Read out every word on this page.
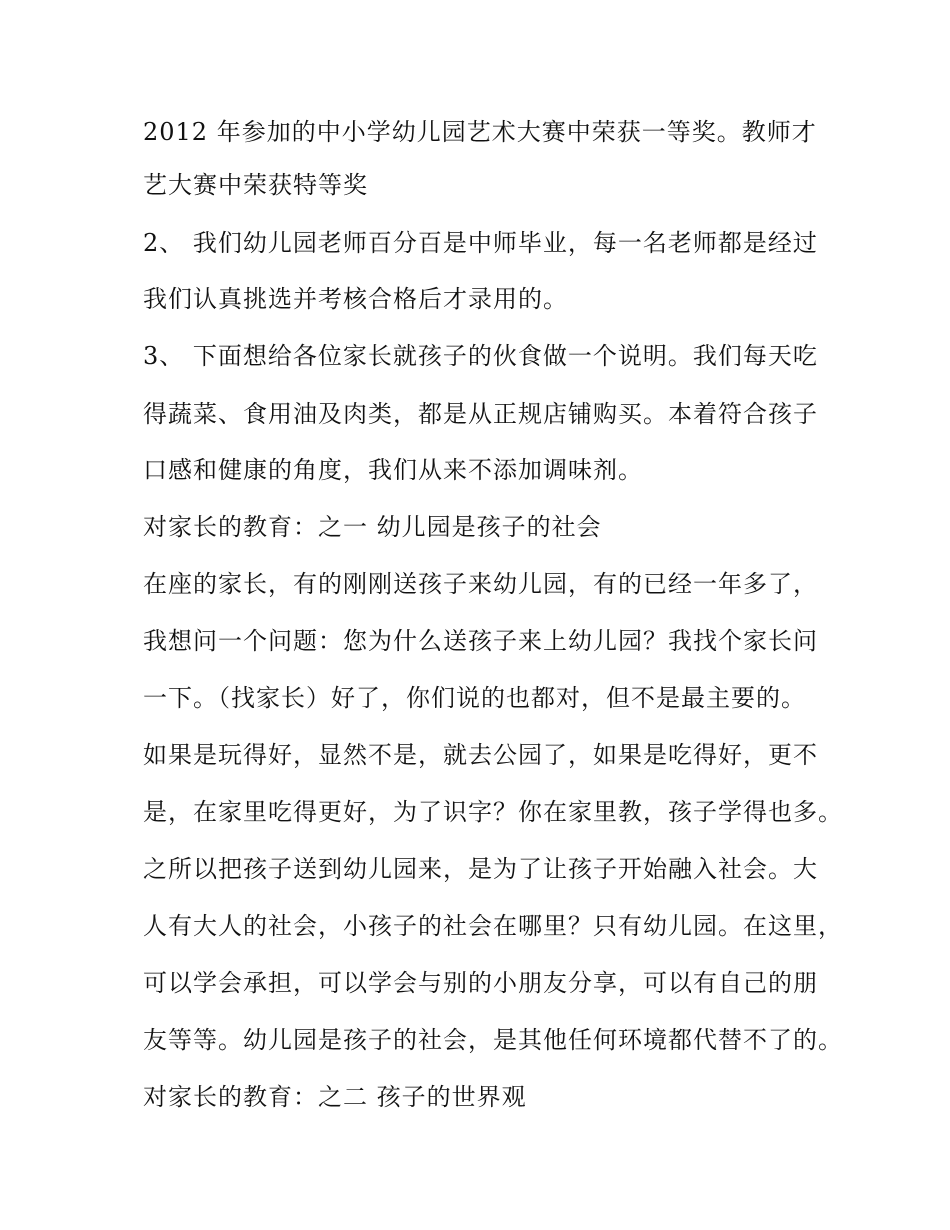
2012 年参加的中小学幼儿园艺术大赛中荣获一等奖。教师才
艺大赛中荣获特等奖
2、 我们幼儿园老师百分百是中师毕业，每一名老师都是经过
我们认真挑选并考核合格后才录用的。
3、 下面想给各位家长就孩子的伙食做一个说明。我们每天吃
得蔬菜、食用油及肉类，都是从正规店铺购买。本着符合孩子
口感和健康的角度，我们从来不添加调味剂。
对家长的教育：之一 幼儿园是孩子的社会
在座的家长，有的刚刚送孩子来幼儿园，有的已经一年多了，
我想问一个问题：您为什么送孩子来上幼儿园？我找个家长问
一下。（找家长）好了，你们说的也都对，但不是最主要的。
如果是玩得好，显然不是，就去公园了，如果是吃得好，更不
是，在家里吃得更好，为了识字？你在家里教，孩子学得也多。
之所以把孩子送到幼儿园来，是为了让孩子开始融入社会。大
人有大人的社会，小孩子的社会在哪里？只有幼儿园。在这里，
可以学会承担，可以学会与别的小朋友分享，可以有自己的朋
友等等。幼儿园是孩子的社会，是其他任何环境都代替不了的。
对家长的教育：之二 孩子的世界观
